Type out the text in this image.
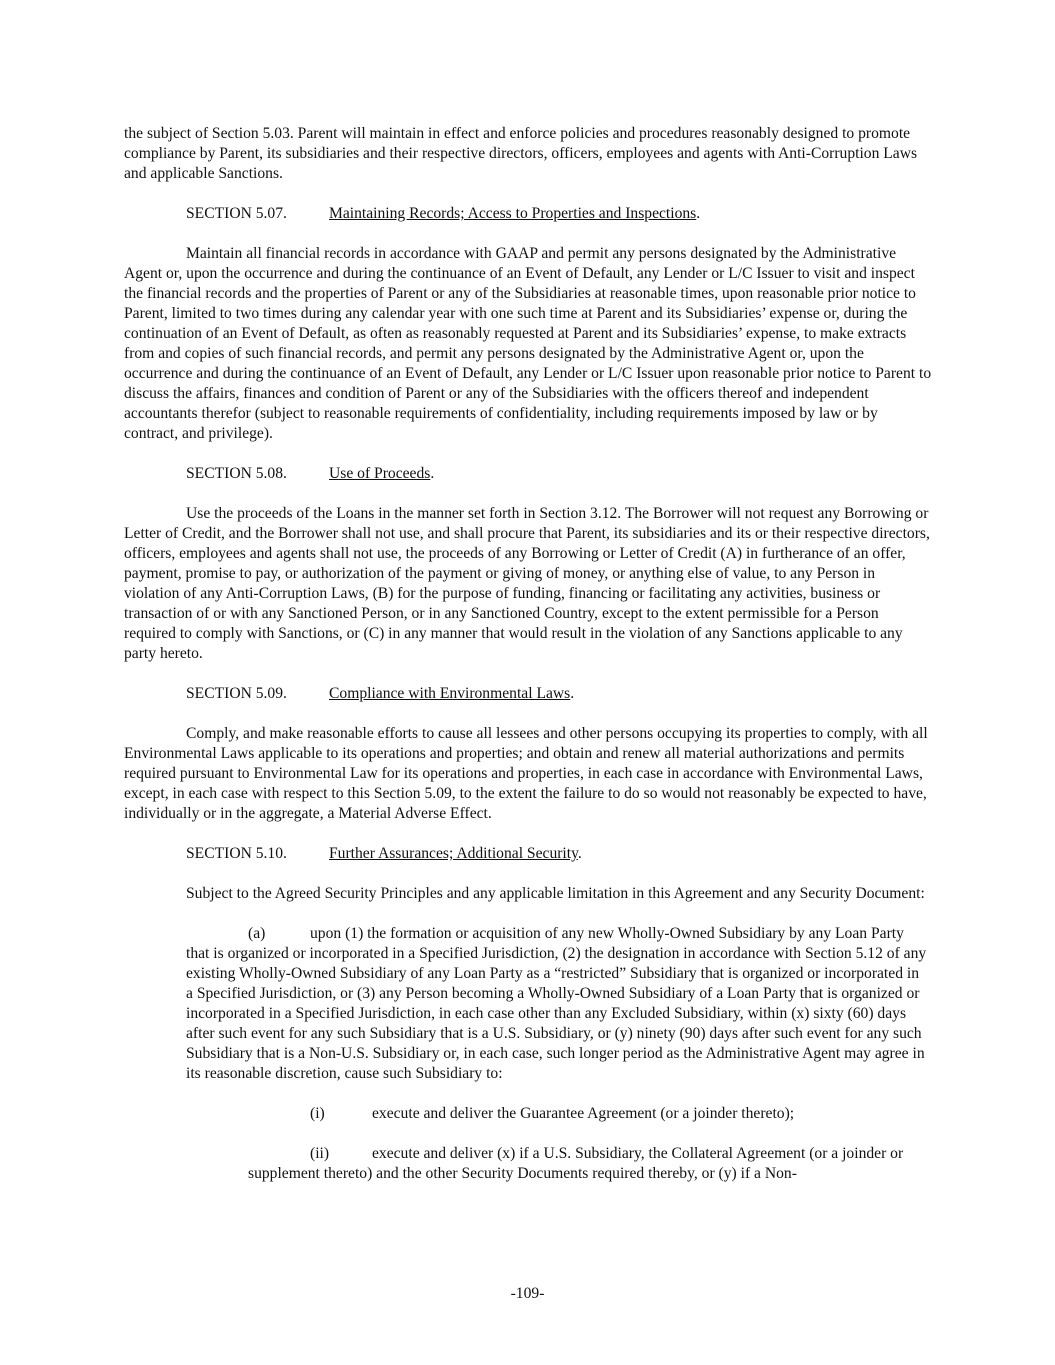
the subject of Section 5.03. Parent will maintain in effect and enforce policies and procedures reasonably designed to promote compliance by Parent, its subsidiaries and their respective directors, officers, employees and agents with Anti-Corruption Laws and applicable Sanctions.

SECTION 5.07.	Maintaining Records; Access to Properties and Inspections.

Maintain all financial records in accordance with GAAP and permit any persons designated by the Administrative Agent or, upon the occurrence and during the continuance of an Event of Default, any Lender or L/C Issuer to visit and inspect the financial records and the properties of Parent or any of the Subsidiaries at reasonable times, upon reasonable prior notice to Parent, limited to two times during any calendar year with one such time at Parent and its Subsidiaries’ expense or, during the continuation of an Event of Default, as often as reasonably requested at Parent and its Subsidiaries’ expense, to make extracts from and copies of such financial records, and permit any persons designated by the Administrative Agent or, upon the occurrence and during the continuance of an Event of Default, any Lender or L/C Issuer upon reasonable prior notice to Parent to discuss the affairs, finances and condition of Parent or any of the Subsidiaries with the officers thereof and independent accountants therefor (subject to reasonable requirements of confidentiality, including requirements imposed by law or by contract, and privilege).

SECTION 5.08.	Use of Proceeds.

Use the proceeds of the Loans in the manner set forth in Section 3.12. The Borrower will not request any Borrowing or Letter of Credit, and the Borrower shall not use, and shall procure that Parent, its subsidiaries and its or their respective directors, officers, employees and agents shall not use, the proceeds of any Borrowing or Letter of Credit (A) in furtherance of an offer, payment, promise to pay, or authorization of the payment or giving of money, or anything else of value, to any Person in violation of any Anti-Corruption Laws, (B) for the purpose of funding, financing or facilitating any activities, business or transaction of or with any Sanctioned Person, or in any Sanctioned Country, except to the extent permissible for a Person required to comply with Sanctions, or (C) in any manner that would result in the violation of any Sanctions applicable to any party hereto.

SECTION 5.09.	Compliance with Environmental Laws.

Comply, and make reasonable efforts to cause all lessees and other persons occupying its properties to comply, with all Environmental Laws applicable to its operations and properties; and obtain and renew all material authorizations and permits required pursuant to Environmental Law for its operations and properties, in each case in accordance with Environmental Laws, except, in each case with respect to this Section 5.09, to the extent the failure to do so would not reasonably be expected to have, individually or in the aggregate, a Material Adverse Effect.

SECTION 5.10.	Further Assurances; Additional Security.

Subject to the Agreed Security Principles and any applicable limitation in this Agreement and any Security Document:

(a)	upon (1) the formation or acquisition of any new Wholly-Owned Subsidiary by any Loan Party that is organized or incorporated in a Specified Jurisdiction, (2) the designation in accordance with Section 5.12 of any existing Wholly-Owned Subsidiary of any Loan Party as a “restricted” Subsidiary that is organized or incorporated in a Specified Jurisdiction, or (3) any Person becoming a Wholly-Owned Subsidiary of a Loan Party that is organized or incorporated in a Specified Jurisdiction, in each case other than any Excluded Subsidiary, within (x) sixty (60) days after such event for any such Subsidiary that is a U.S. Subsidiary, or (y) ninety (90) days after such event for any such Subsidiary that is a Non-U.S. Subsidiary or, in each case, such longer period as the Administrative Agent may agree in its reasonable discretion, cause such Subsidiary to:

(i)	execute and deliver the Guarantee Agreement (or a joinder thereto);

(ii)	execute and deliver (x) if a U.S. Subsidiary, the Collateral Agreement (or a joinder or supplement thereto) and the other Security Documents required thereby, or (y) if a Non-

-109-
